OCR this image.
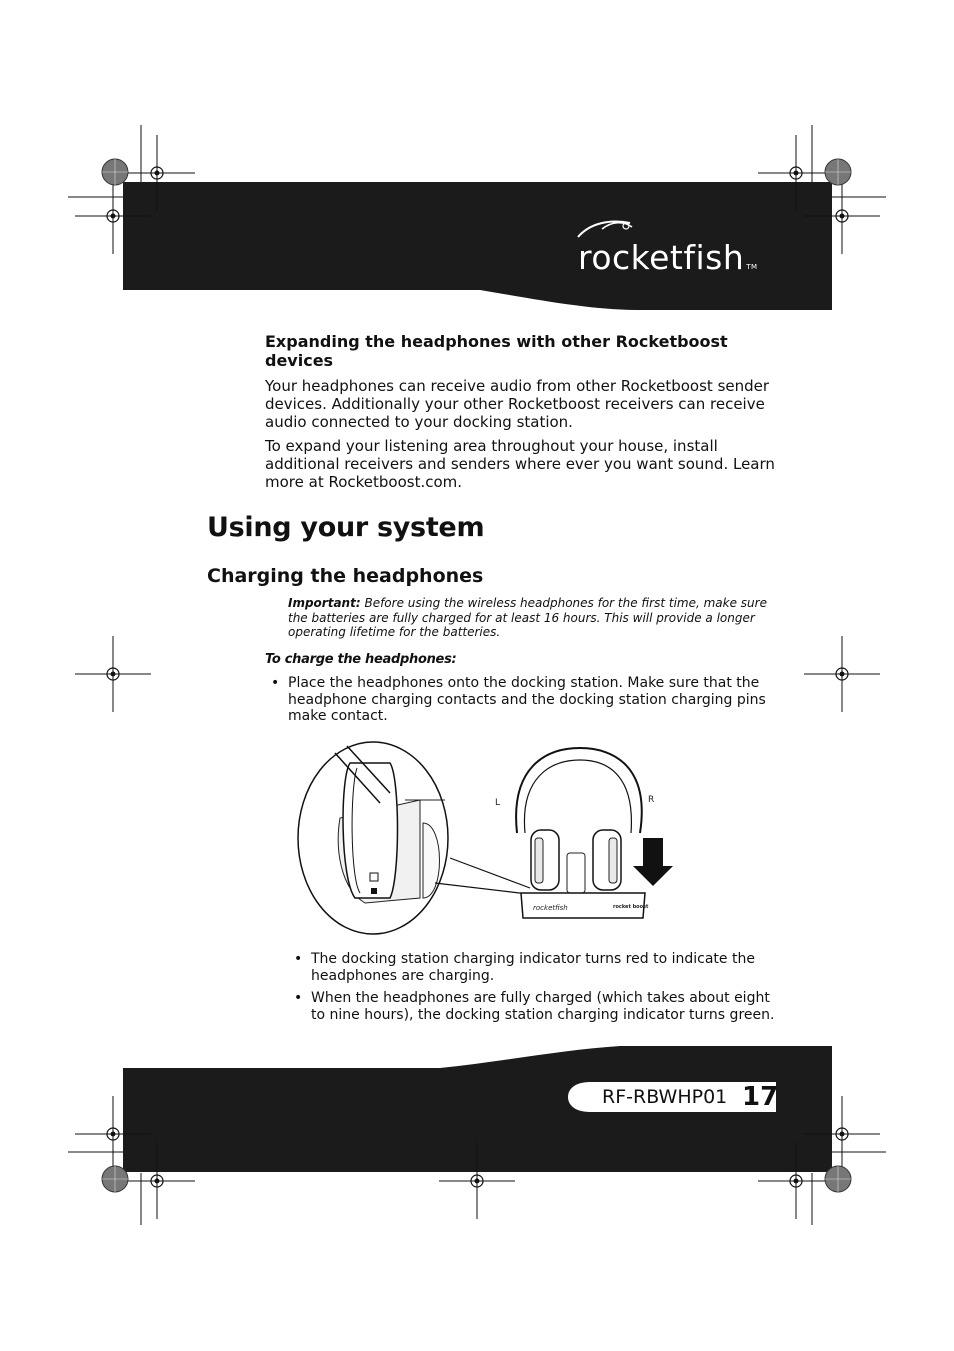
rocketfish TM
Expanding the headphones with other Rocketboost devices
Your headphones can receive audio from other Rocketboost sender devices. Additionally your other Rocketboost receivers can receive audio connected to your docking station.
To expand your listening area throughout your house, install additional receivers and senders where ever you want sound. Learn more at Rocketboost.com.
Using your system
Charging the headphones
Important: Before using the wireless headphones for the first time, make sure the batteries are fully charged for at least 16 hours. This will provide a longer operating lifetime for the batteries.
To charge the headphones:
• Place the headphones onto the docking station. Make sure that the headphone charging contacts and the docking station charging pins make contact.
rocketfish	rocket boost
L	R
• The docking station charging indicator turns red to indicate the headphones are charging.
• When the headphones are fully charged (which takes about eight to nine hours), the docking station charging indicator turns green.
RF-RBWHP01 17
